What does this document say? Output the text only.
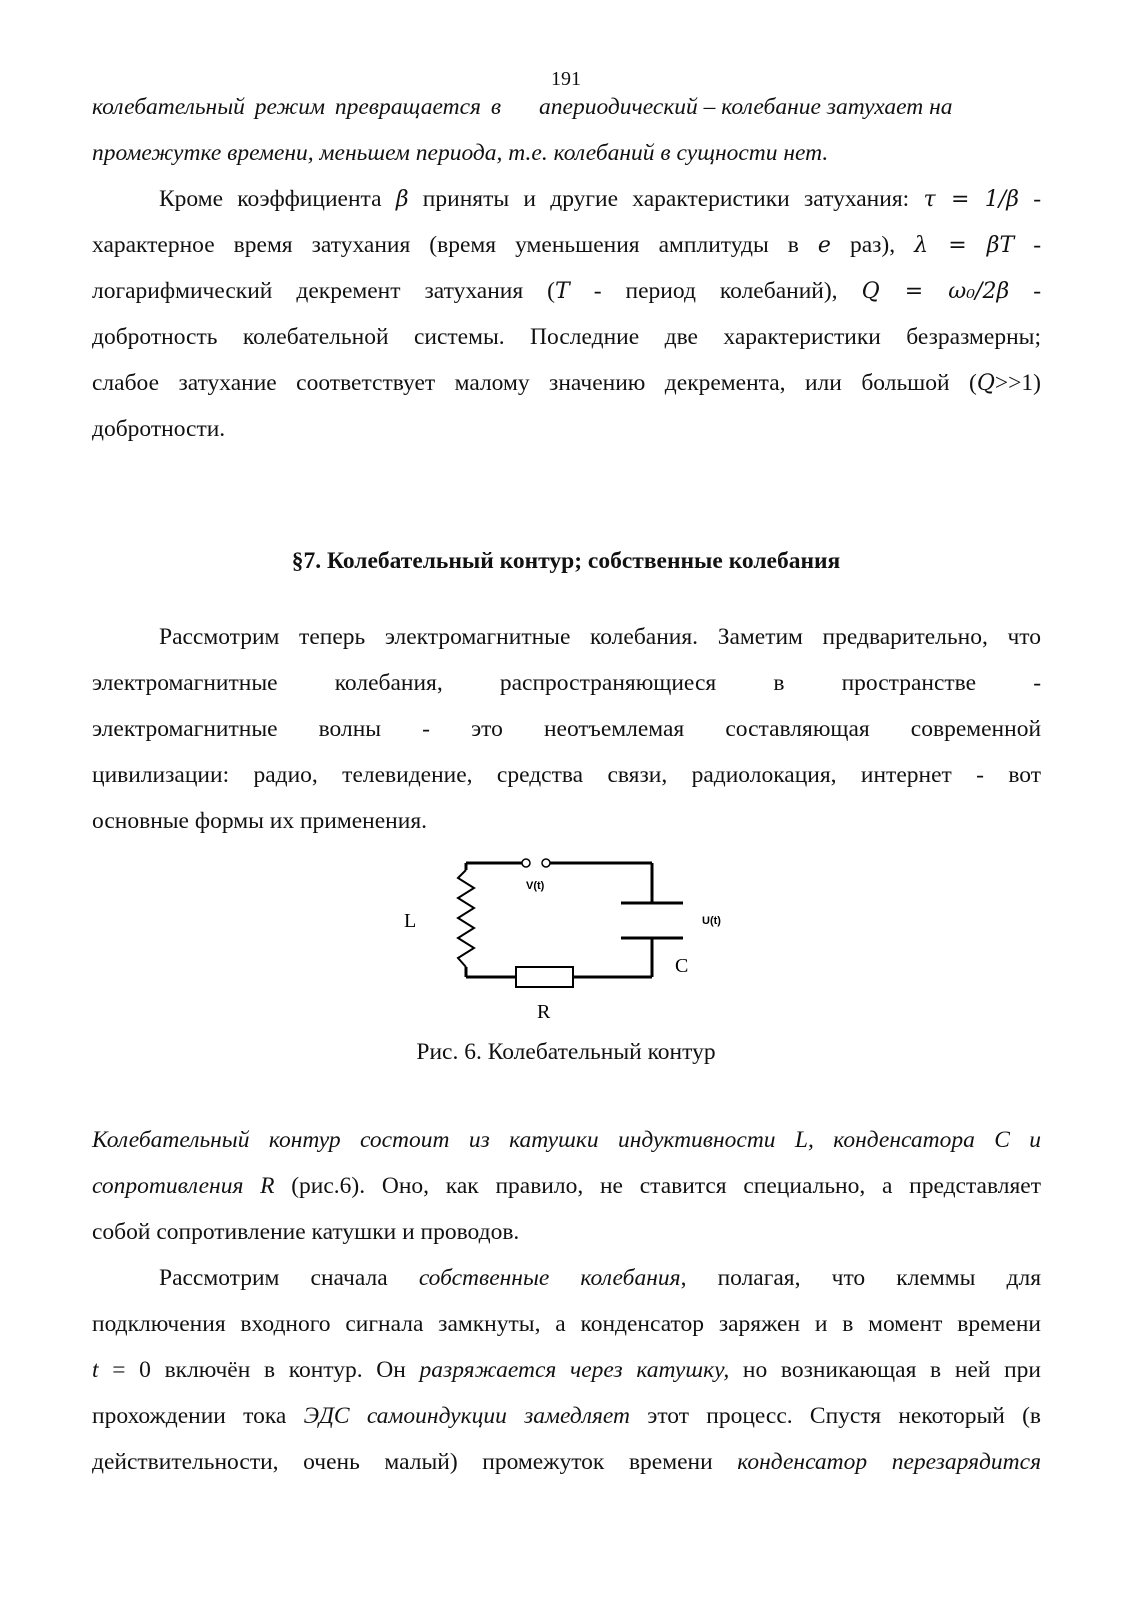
191
колебательный режим превращается в апериодический – колебание затухает на
промежутке времени, меньшем периода, т.е. колебаний в сущности нет.
Кроме коэффициента β приняты и другие характеристики затухания: τ = 1/β -
характерное время затухания (время уменьшения амплитуды в e раз), λ = βT -
логарифмический декремент затухания (T - период колебаний), Q = ω₀/2β -
добротность колебательной системы. Последние две характеристики безразмерны;
слабое затухание соответствует малому значению декремента, или большой (Q>>1)
добротности.
§7. Колебательный контур; собственные колебания
Рассмотрим теперь электромагнитные колебания. Заметим предварительно, что
электромагнитные колебания, распространяющиеся в пространстве -
электромагнитные волны - это неотъемлемая составляющая современной
цивилизации: радио, телевидение, средства связи, радиолокация, интернет - вот
основные формы их применения.
L
C
R
V(t)
U(t)
Рис. 6. Колебательный контур
Колебательный контур состоит из катушки индуктивности L, конденсатора C и
сопротивления R (рис.6). Оно, как правило, не ставится специально, а представляет
собой сопротивление катушки и проводов.
Рассмотрим сначала собственные колебания, полагая, что клеммы для
подключения входного сигнала замкнуты, а конденсатор заряжен и в момент времени
t = 0 включён в контур. Он разряжается через катушку, но возникающая в ней при
прохождении тока ЭДС самоиндукции замедляет этот процесс. Спустя некоторый (в
действительности, очень малый) промежуток времени конденсатор перезарядится
